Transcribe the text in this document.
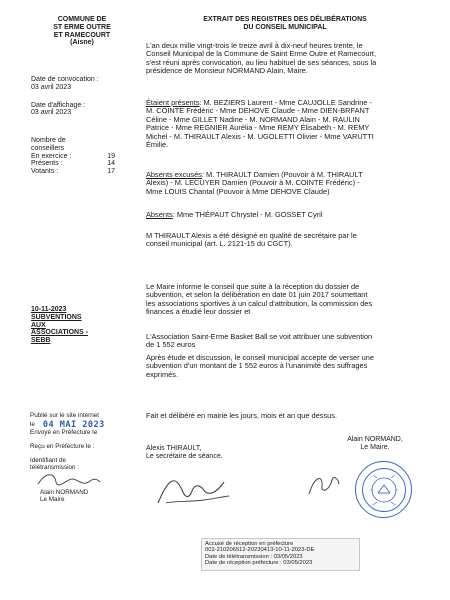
COMMUNE DE
ST ERME OUTRE
ET RAMECOURT
(Aisne)
Date de convocation :
03 avril 2023
Date d'affichage :
03 avril 2023
Nombre de
conseillers
En exercice :	19
Présents :	14
Votants :	17
EXTRAIT DES REGISTRES DES DÉLIBÉRATIONS
DU CONSEIL MUNICIPAL
L'an deux mille vingt-trois le treize avril à dix-neuf heures trente, le
Conseil Municipal de la Commune de Saint Erme Outre et Ramecourt,
s'est réuni après convocation, au lieu habituel de ses séances, sous la
présidence de Monsieur NORMAND Alain, Maire.
Étaient présents: M. BEZIERS Laurent - Mme CAUJOLLE Sandrine -
M. COINTE Frédéric - Mme DEHOVE Claude - Mme DIEN-BRFANT
Céline - Mme GILLET Nadine - M. NORMAND Alain - M. RAULIN
Patrice - Mme REGNIER Aurélia - Mme REMY Élisabeth - M. REMY
Michel - M. THIRAULT Alexis - M. UGOLETTI Olivier - Mme VARUTTI
Émilie.
Absents excusés: M. THIRAULT Damien (Pouvoir à M. THIRAULT
Alexis) - M. LECUYER Damien (Pouvoir à M. COINTE Frédéric) -
Mme LOUIS Chantal (Pouvoir à Mme DEHOVE Claude)
Absents: Mme THÉPAUT Chrystel - M. GOSSET Cyril
M THIRAULT Alexis a été désigné en qualité de secrétaire par le
conseil municipal (art. L. 2121-15 du CGCT).
10-11-2023
SUBVENTIONS
AUX
ASSOCIATIONS -
SEBB
Le Maire informe le conseil que suite à la réception du dossier de
subvention, et selon la délibération en date 01 juin 2017 soumettant
les associations sportives à un calcul d'attribution, la commission des
finances a étudié leur dossier et
L'Association Saint-Erme Basket Ball se voit attribuer une subvention
de 1 552 euros
Après étude et discussion, le conseil municipal accepte de verser une
subvention d'un montant de 1 552 euros à l'unanimité des suffrages
exprimés.
Fait et délibéré en mairie les jours, mois et an que dessus.
Publié sur le site internet
le 04 MAI 2023
Envoyé en Préfecture le
Reçu en Préfecture le :
Identifiant de
télétransmission :
Alain NORMAND
Le Maire
Alexis THIRAULT,
Le secrétaire de séance.
Alain NORMAND,
Le Maire.
Accusé de réception en préfecture
002-210206512-20230413-10-11-2023-DE
Date de télétransmission : 03/05/2023
Date de réception préfecture : 03/05/2023
